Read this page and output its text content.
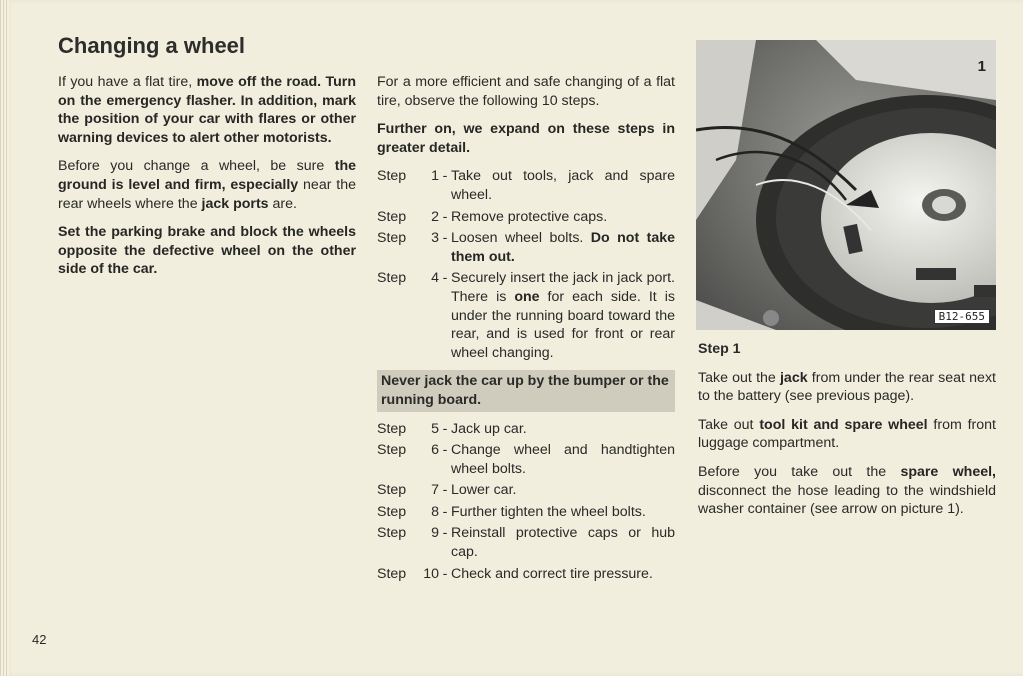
Changing a wheel

If you have a flat tire, move off the road. Turn on the emergency flasher. In addition, mark the position of your car with flares or other warning devices to alert other motorists.

Before you change a wheel, be sure the ground is level and firm, especially near the rear wheels where the jack ports are.

Set the parking brake and block the wheels opposite the defective wheel on the other side of the car.

For a more efficient and safe changing of a flat tire, observe the following 10 steps.

Further on, we expand on these steps in greater detail.

Step	1 - Take out tools, jack and spare wheel.
Step	2 - Remove protective caps.
Step	3 - Loosen wheel bolts. Do not take them out.
Step	4 - Securely insert the jack in jack port. There is one for each side. It is under the running board toward the rear, and is used for front or rear wheel changing.
Never jack the car up by the bumper or the running board.
Step	5 - Jack up car.
Step	6 - Change wheel and handtighten wheel bolts.
Step	7 - Lower car.
Step	8 - Further tighten the wheel bolts.
Step	9 - Reinstall protective caps or hub cap.
Step	10 - Check and correct tire pressure.
1
B12-655

Step 1

Take out the jack from under the rear seat next to the battery (see previous page).

Take out tool kit and spare wheel from front luggage compartment.

Before you take out the spare wheel, disconnect the hose leading to the windshield washer container (see arrow on picture 1).

42
